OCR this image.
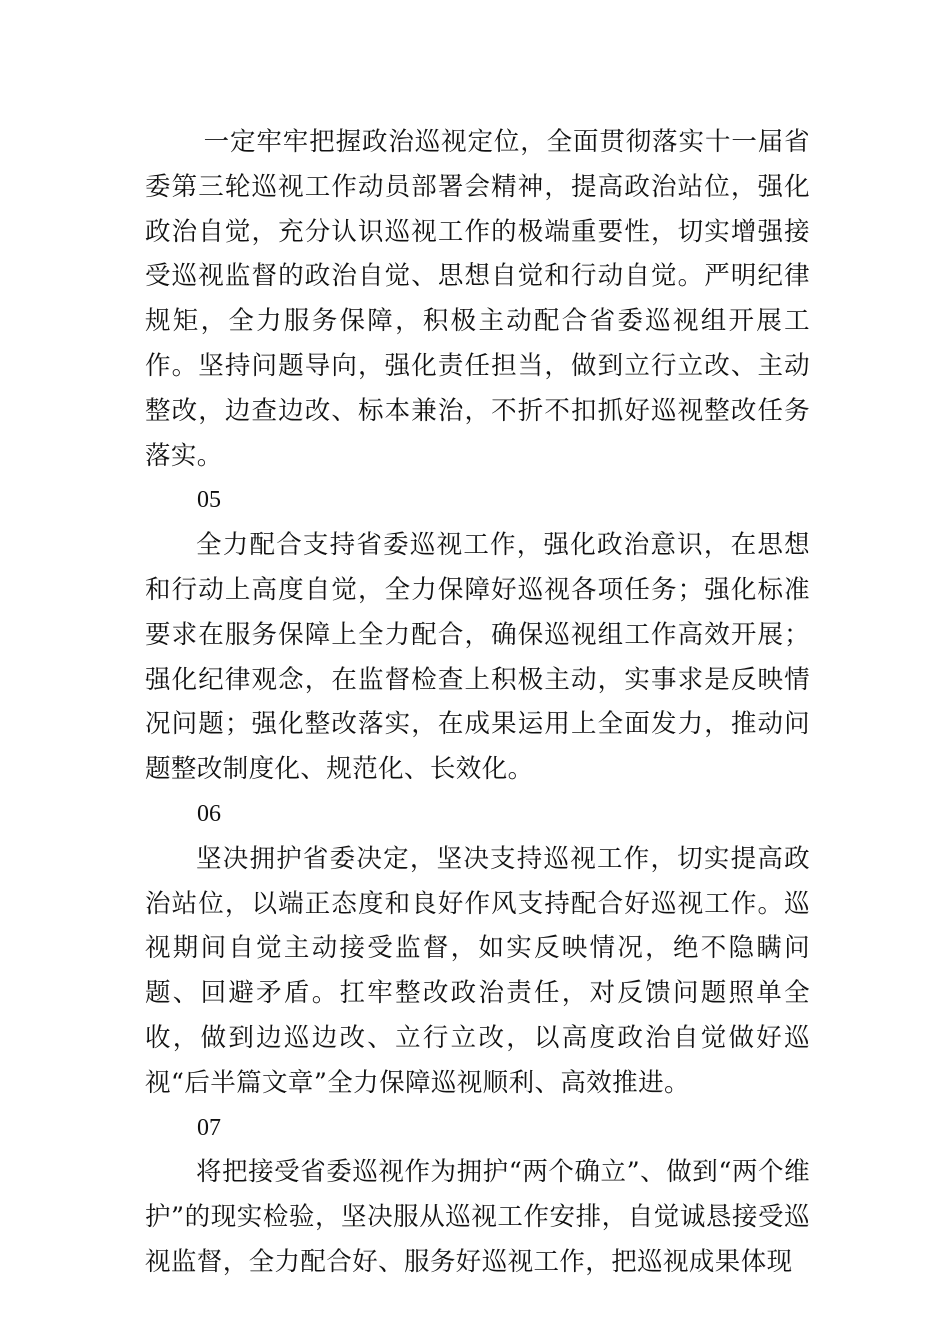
一定牢牢把握政治巡视定位，全面贯彻落实十一届省委第三轮巡视工作动员部署会精神，提高政治站位，强化政治自觉，充分认识巡视工作的极端重要性，切实增强接受巡视监督的政治自觉、思想自觉和行动自觉。严明纪律规矩，全力服务保障，积极主动配合省委巡视组开展工作。坚持问题导向，强化责任担当，做到立行立改、主动整改，边查边改、标本兼治，不折不扣抓好巡视整改任务落实。

05

全力配合支持省委巡视工作，强化政治意识，在思想和行动上高度自觉，全力保障好巡视各项任务；强化标准要求在服务保障上全力配合，确保巡视组工作高效开展；强化纪律观念，在监督检查上积极主动，实事求是反映情况问题；强化整改落实，在成果运用上全面发力，推动问题整改制度化、规范化、长效化。

06

坚决拥护省委决定，坚决支持巡视工作，切实提高政治站位，以端正态度和良好作风支持配合好巡视工作。巡视期间自觉主动接受监督，如实反映情况，绝不隐瞒问题、回避矛盾。扛牢整改政治责任，对反馈问题照单全收，做到边巡边改、立行立改，以高度政治自觉做好巡视“后半篇文章”全力保障巡视顺利、高效推进。

07

将把接受省委巡视作为拥护“两个确立”、做到“两个维护”的现实检验，坚决服从巡视工作安排，自觉诚恳接受巡视监督，全力配合好、服务好巡视工作，把巡视成果体现
